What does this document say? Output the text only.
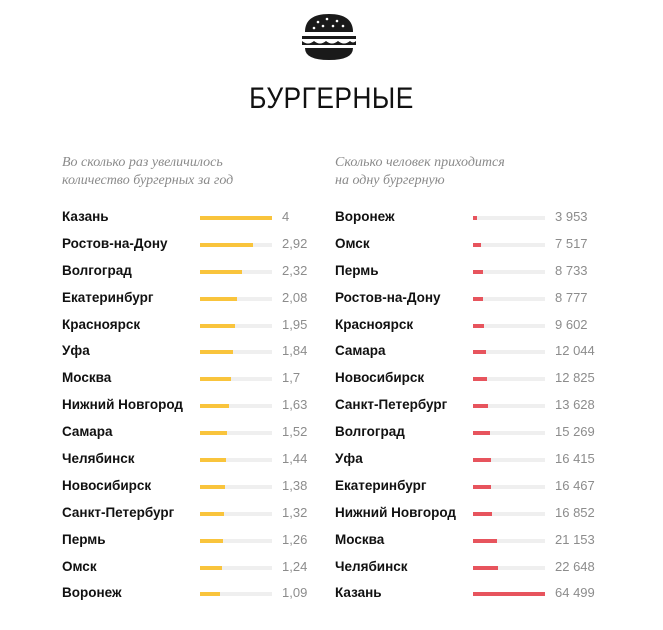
БУРГЕРНЫЕ
Во сколько раз увеличилось
количество бургерных за год
Сколько человек приходится
на одну бургерную
Казань	4
Ростов-на-Дону	2,92
Волгоград	2,32
Екатеринбург	2,08
Красноярск	1,95
Уфа	1,84
Москва	1,7
Нижний Новгород	1,63
Самара	1,52
Челябинск	1,44
Новосибирск	1,38
Санкт-Петербург	1,32
Пермь	1,26
Омск	1,24
Воронеж	1,09
Воронеж	3 953
Омск	7 517
Пермь	8 733
Ростов-на-Дону	8 777
Красноярск	9 602
Самара	12 044
Новосибирск	12 825
Санкт-Петербург	13 628
Волгоград	15 269
Уфа	16 415
Екатеринбург	16 467
Нижний Новгород	16 852
Москва	21 153
Челябинск	22 648
Казань	64 499
